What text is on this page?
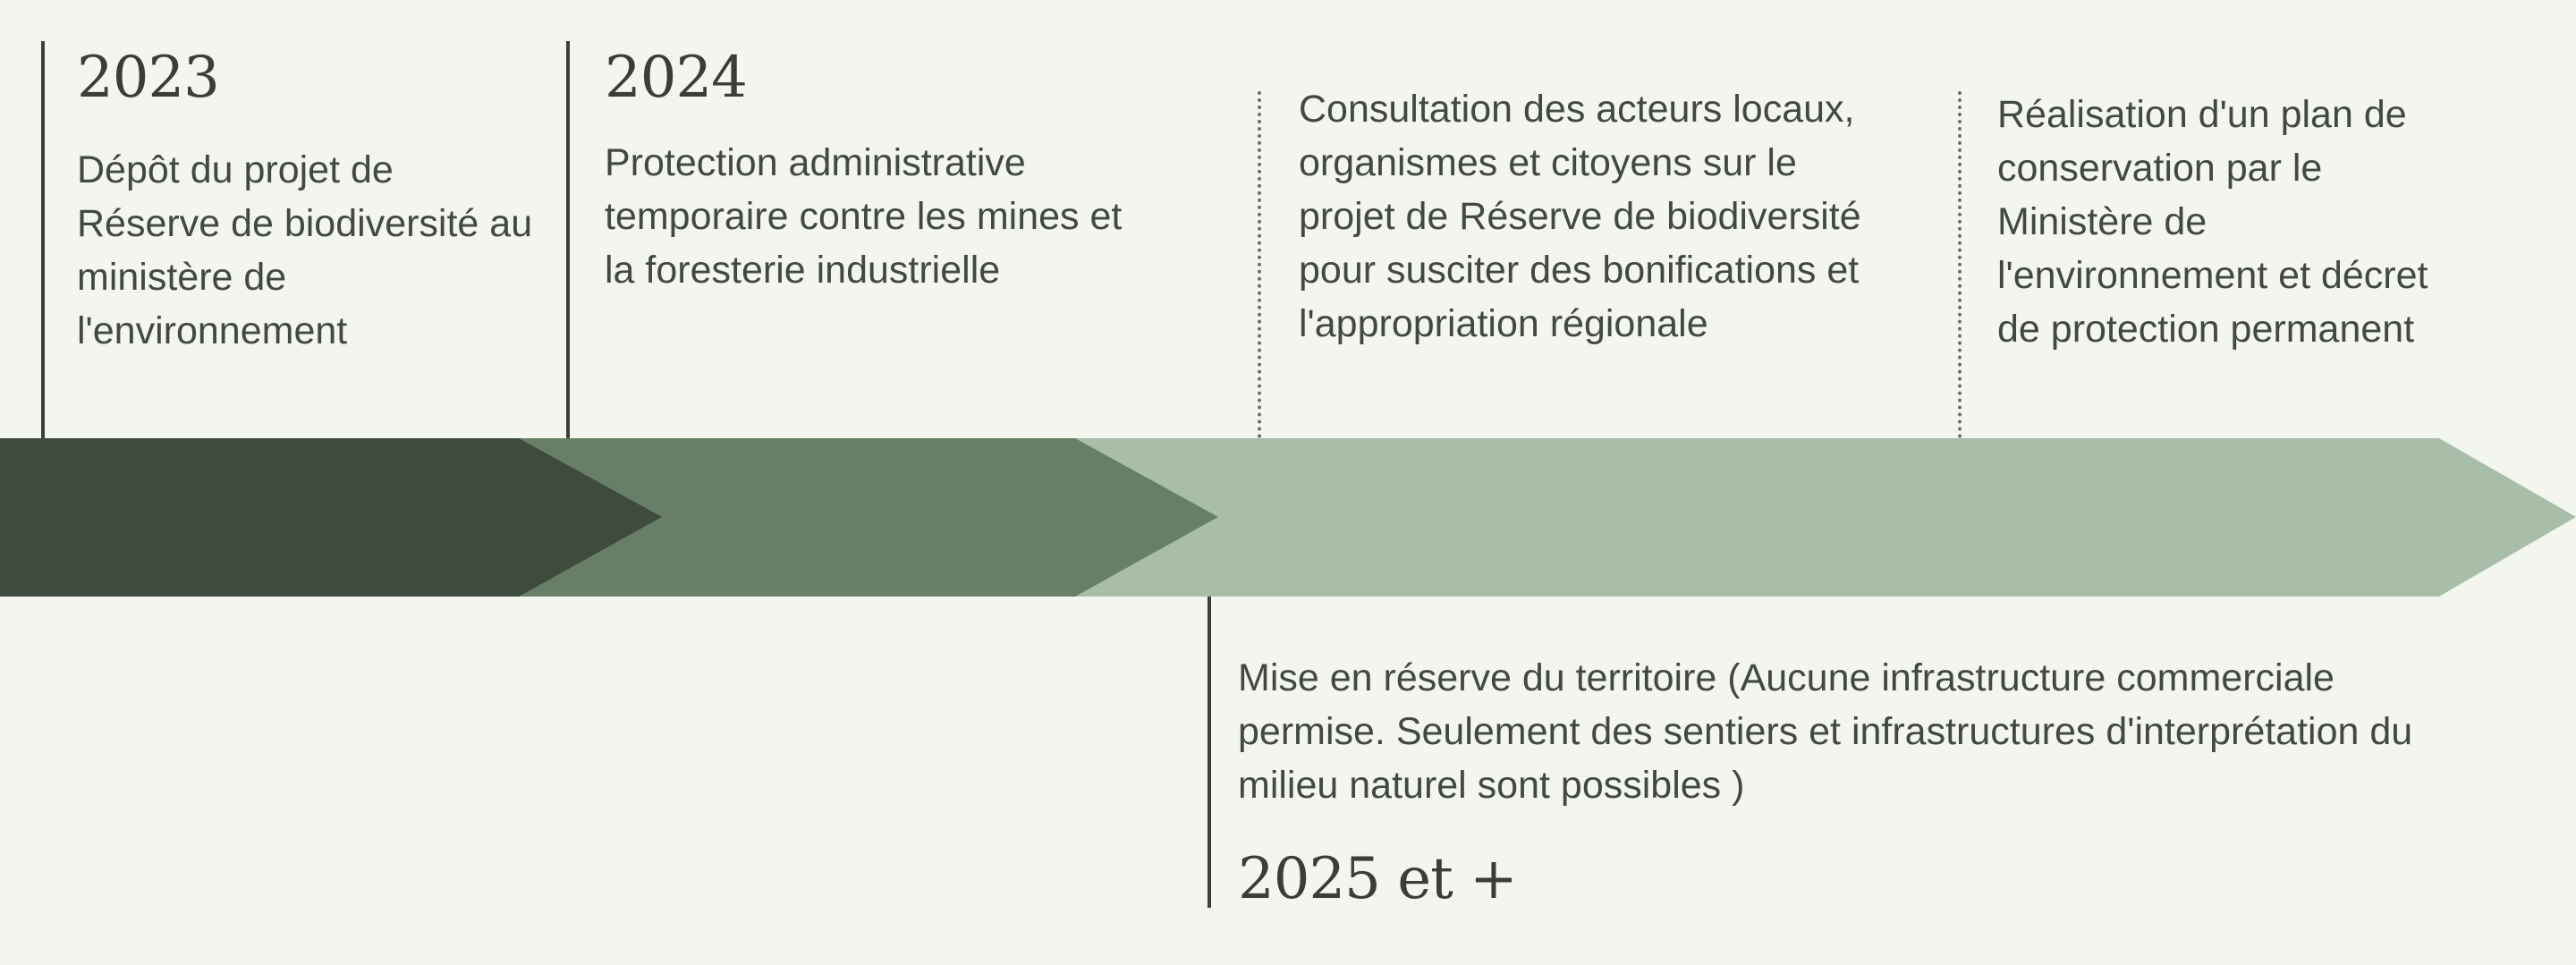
2023
Dépôt du projet de Réserve de biodiversité au ministère de l'environnement
2024
Protection administrative temporaire contre les mines et la foresterie industrielle
Consultation des acteurs locaux, organismes et citoyens sur le projet de Réserve de biodiversité pour susciter des bonifications et l'appropriation régionale
Réalisation d'un plan de conservation par le Ministère de l'environnement et décret de protection permanent
Mise en réserve du territoire (Aucune infrastructure commerciale permise. Seulement des sentiers et infrastructures d'interprétation du milieu naturel sont possibles )
2025 et +
